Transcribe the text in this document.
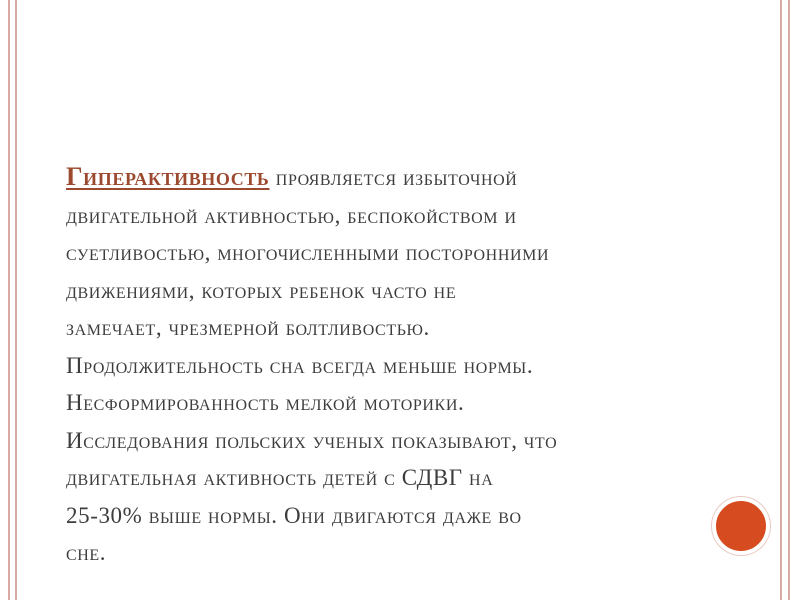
Гиперактивность проявляется избыточной
двигательной активностью, беспокойством и
суетливостью, многочисленными посторонними
движениями, которых ребенок часто не
замечает, чрезмерной болтливостью.
Продолжительность сна всегда меньше нормы.
Несформированность мелкой моторики.
Исследования польских ученых показывают, что
двигательная активность детей с СДВГ на
25-30% выше нормы. Они двигаются даже во
сне.
